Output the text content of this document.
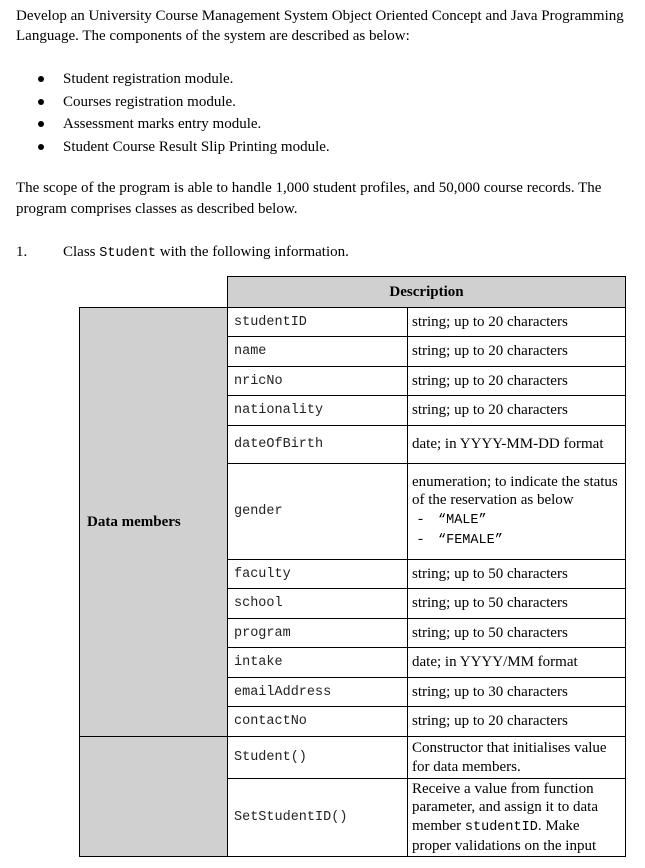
Develop an University Course Management System Object Oriented Concept and Java Programming Language. The components of the system are described as below:

Student registration module.
Courses registration module.
Assessment marks entry module.
Student Course Result Slip Printing module.

The scope of the program is able to handle 1,000 student profiles, and 50,000 course records. The program comprises classes as described below.

1. Class Student with the following information.
	Description	
Data members	studentID	string; up to 20 characters
	name	string; up to 20 characters
	nricNo	string; up to 20 characters
	nationality	string; up to 20 characters
	dateOfBirth	date; in YYYY-MM-DD format
	gender	enumeration; to indicate the status of the reservation as below
- “MALE”
- “FEMALE”

	faculty	string; up to 50 characters
	school	string; up to 50 characters
	program	string; up to 50 characters
	intake	date; in YYYY/MM format
	emailAddress	string; up to 30 characters
	contactNo	string; up to 20 characters
	Student()	Constructor that initialises value for data members.
	SetStudentID()	Receive a value from function parameter, and assign it to data member studentID. Make proper validations on the input
